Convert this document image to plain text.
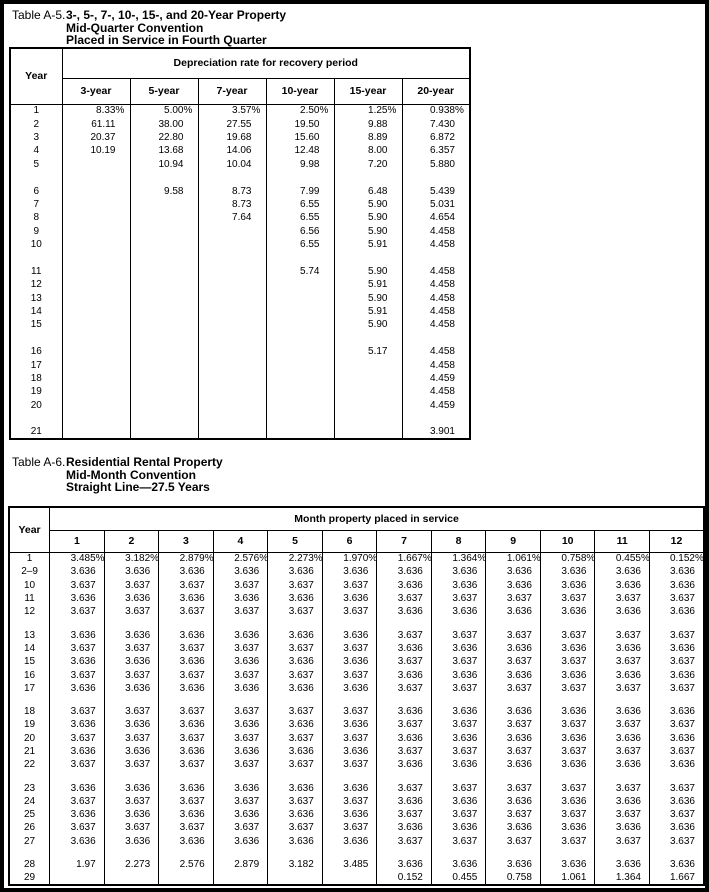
Table A-5. 3-, 5-, 7-, 10-, 15-, and 20-Year Property
Mid-Quarter Convention
Placed in Service in Fourth Quarter
Year	Depreciation rate for recovery period					
	3-year	5-year	7-year	10-year	15-year	20-year
1	8.33%	5.00%	3.57%	2.50%	1.25%	0.938%
2	61.11	38.00	27.55	19.50	9.88	7.430
3	20.37	22.80	19.68	15.60	8.89	6.872
4	10.19	13.68	14.06	12.48	8.00	6.357
5		10.94	10.04	9.98	7.20	5.880

6		9.58	8.73	7.99	6.48	5.439
7			8.73	6.55	5.90	5.031
8			7.64	6.55	5.90	4.654
9				6.56	5.90	4.458
10				6.55	5.91	4.458

11				5.74	5.90	4.458
12					5.91	4.458
13					5.90	4.458
14					5.91	4.458
15					5.90	4.458

16					5.17	4.458
17						4.458
18						4.459
19						4.458
20						4.459

21						3.901
Table A-6. Residential Rental Property
Mid-Month Convention
Straight Line—27.5 Years
Year	Month property placed in service											
	1	2	3	4	5	6	7	8	9	10	11	12
1	3.485%	3.182%	2.879%	2.576%	2.273%	1.970%	1.667%	1.364%	1.061%	0.758%	0.455%	0.152%
2–9	3.636	3.636	3.636	3.636	3.636	3.636	3.636	3.636	3.636	3.636	3.636	3.636
10	3.637	3.637	3.637	3.637	3.637	3.637	3.636	3.636	3.636	3.636	3.636	3.636
11	3.636	3.636	3.636	3.636	3.636	3.636	3.637	3.637	3.637	3.637	3.637	3.637
12	3.637	3.637	3.637	3.637	3.637	3.637	3.636	3.636	3.636	3.636	3.636	3.636

13	3.636	3.636	3.636	3.636	3.636	3.636	3.637	3.637	3.637	3.637	3.637	3.637
14	3.637	3.637	3.637	3.637	3.637	3.637	3.636	3.636	3.636	3.636	3.636	3.636
15	3.636	3.636	3.636	3.636	3.636	3.636	3.637	3.637	3.637	3.637	3.637	3.637
16	3.637	3.637	3.637	3.637	3.637	3.637	3.636	3.636	3.636	3.636	3.636	3.636
17	3.636	3.636	3.636	3.636	3.636	3.636	3.637	3.637	3.637	3.637	3.637	3.637

18	3.637	3.637	3.637	3.637	3.637	3.637	3.636	3.636	3.636	3.636	3.636	3.636
19	3.636	3.636	3.636	3.636	3.636	3.636	3.637	3.637	3.637	3.637	3.637	3.637
20	3.637	3.637	3.637	3.637	3.637	3.637	3.636	3.636	3.636	3.636	3.636	3.636
21	3.636	3.636	3.636	3.636	3.636	3.636	3.637	3.637	3.637	3.637	3.637	3.637
22	3.637	3.637	3.637	3.637	3.637	3.637	3.636	3.636	3.636	3.636	3.636	3.636

23	3.636	3.636	3.636	3.636	3.636	3.636	3.637	3.637	3.637	3.637	3.637	3.637
24	3.637	3.637	3.637	3.637	3.637	3.637	3.636	3.636	3.636	3.636	3.636	3.636
25	3.636	3.636	3.636	3.636	3.636	3.636	3.637	3.637	3.637	3.637	3.637	3.637
26	3.637	3.637	3.637	3.637	3.637	3.637	3.636	3.636	3.636	3.636	3.636	3.636
27	3.636	3.636	3.636	3.636	3.636	3.636	3.637	3.637	3.637	3.637	3.637	3.637

28	1.97	2.273	2.576	2.879	3.182	3.485	3.636	3.636	3.636	3.636	3.636	3.636
29							0.152	0.455	0.758	1.061	1.364	1.667
